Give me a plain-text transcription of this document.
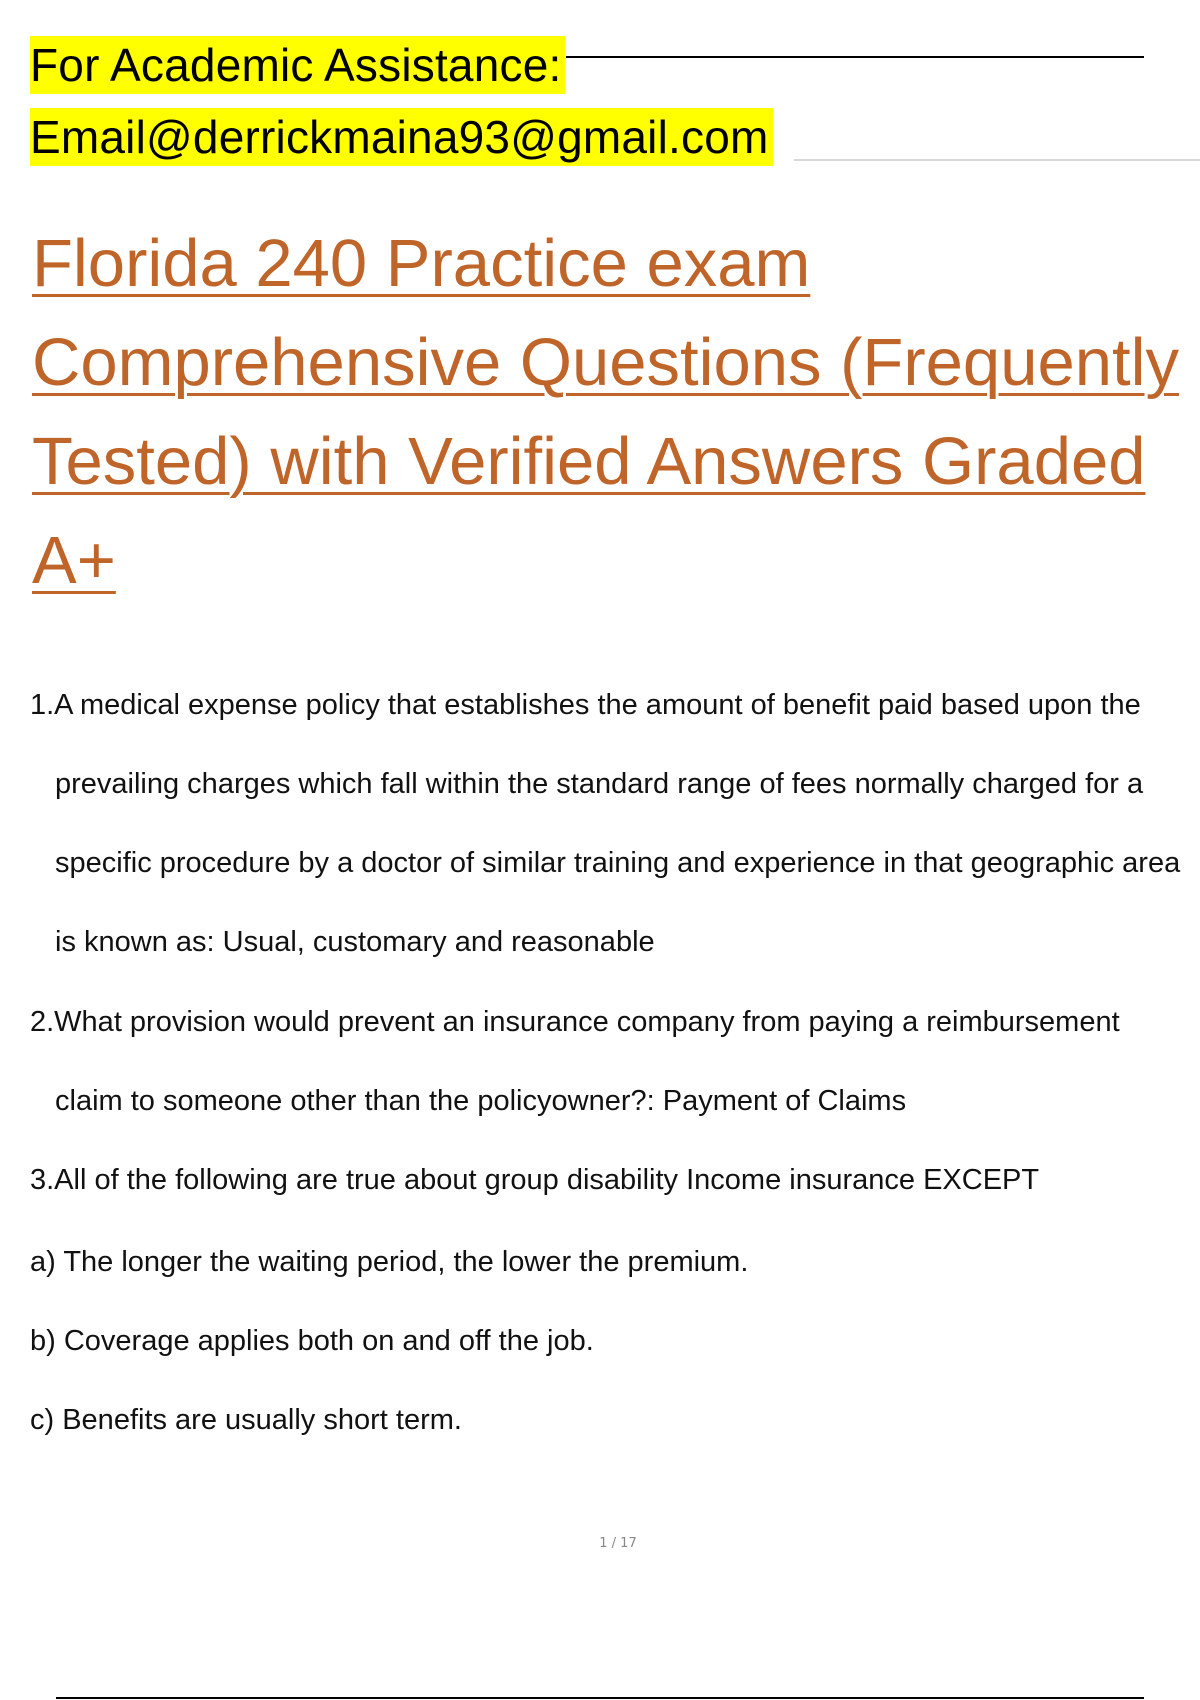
For Academic Assistance:
Email@derrickmaina93@gmail.com
Florida 240 Practice exam
Comprehensive Questions (Frequently
Tested) with Verified Answers Graded
A+
1.A medical expense policy that establishes the amount of benefit paid based upon the
prevailing charges which fall within the standard range of fees normally charged for a
specific procedure by a doctor of similar training and experience in that geographic area
is known as: Usual, customary and reasonable
2.What provision would prevent an insurance company from paying a reimbursement
claim to someone other than the policyowner?: Payment of Claims
3.All of the following are true about group disability Income insurance EXCEPT
a) The longer the waiting period, the lower the premium.
b) Coverage applies both on and off the job.
c) Benefits are usually short term.
1 / 17
